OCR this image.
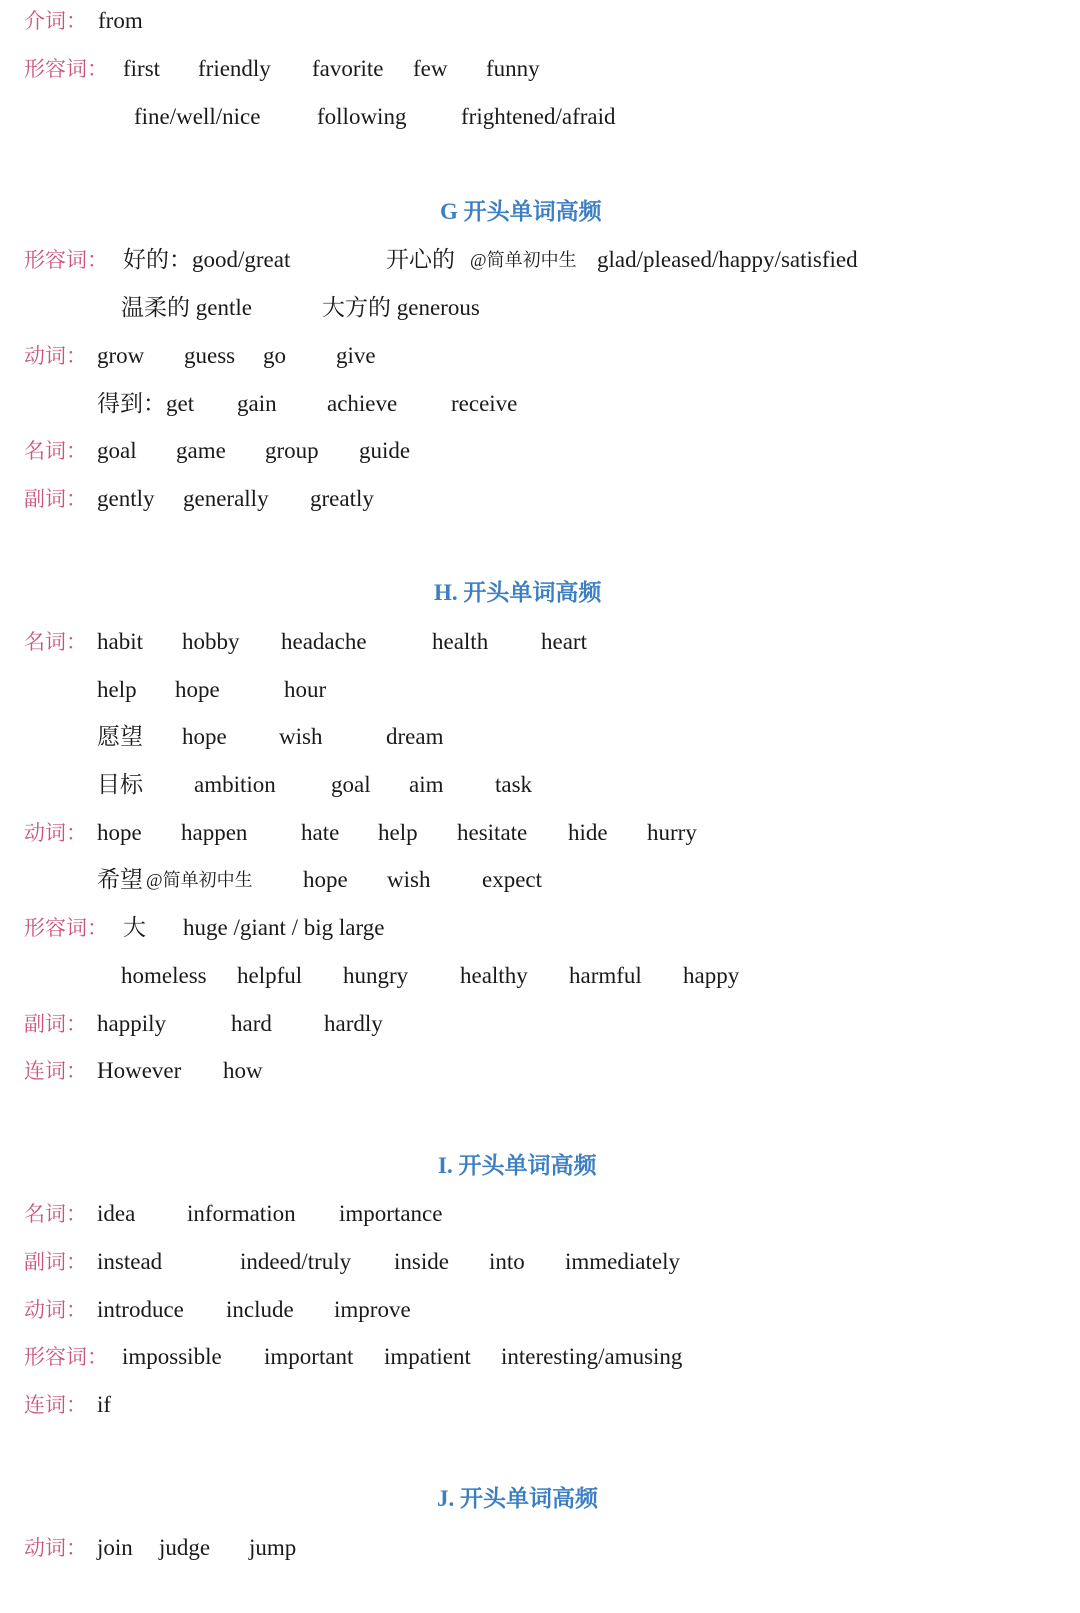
介词： from
形容词： first friendly favorite few funny
fine/well/nice following frightened/afraid
G 开头单词高频
形容词： 好的：good/great	开心的 @简单初中生 glad/pleased/happy/satisfied
温柔的 gentle	大方的 generous
动词： grow guess go give
得到：get gain achieve receive
名词： goal game group guide
副词： gently generally greatly
H. 开头单词高频
名词： habit hobby headache	health heart
help hope	hour
愿望 hope wish	dream
目标 ambition goal aim task
动词： hope happen hate help hesitate hide hurry
希望 @简单初中生 hope wish expect
形容词： 大 huge /giant / big large
homeless helpful hungry healthy harmful happy
副词： happily	hard hardly
连词： However how
I. 开头单词高频
名词： idea information importance
副词： instead	indeed/truly inside into immediately
动词： introduce include improve
形容词： impossible important impatient interesting/amusing
连词： if
J. 开头单词高频
动词： join judge jump
